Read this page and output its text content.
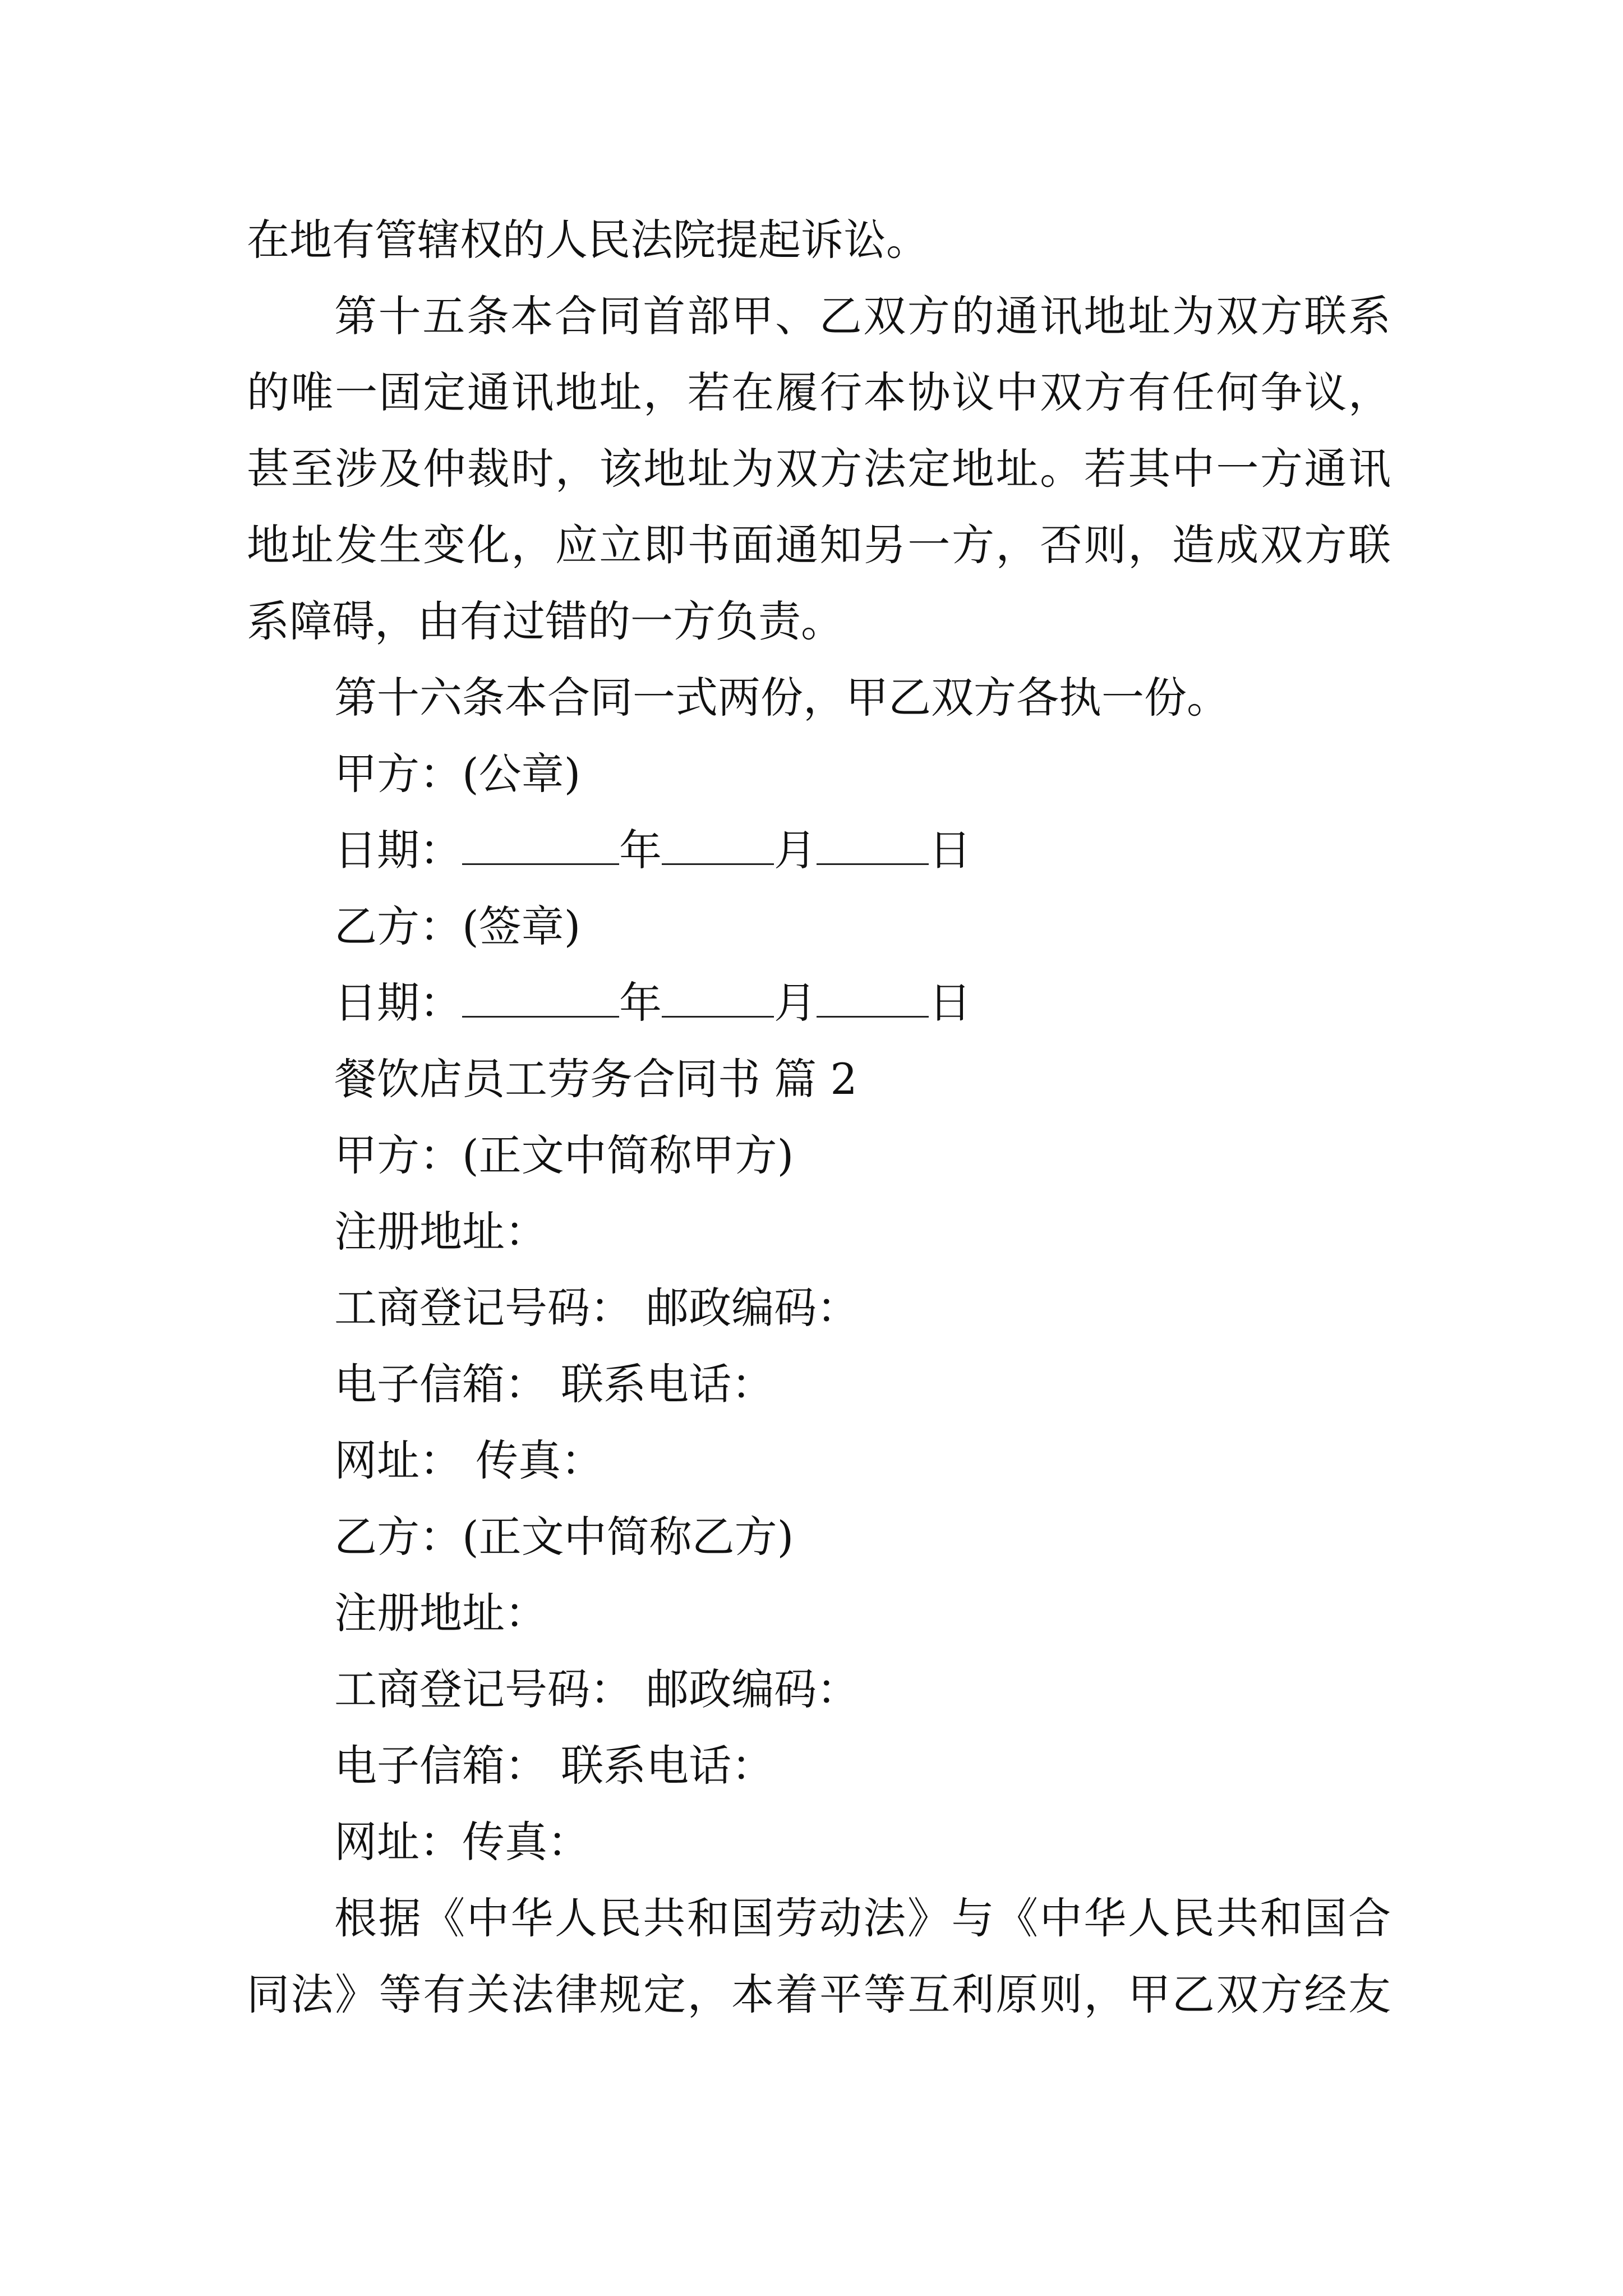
在地有管辖权的人民法院提起诉讼。
第十五条本合同首部甲、乙双方的通讯地址为双方联系
的唯一固定通讯地址，若在履行本协议中双方有任何争议，
甚至涉及仲裁时，该地址为双方法定地址。若其中一方通讯
地址发生变化，应立即书面通知另一方，否则，造成双方联
系障碍，由有过错的一方负责。
第十六条本合同一式两份，甲乙双方各执一份。
甲方：(公章)
日期：	年	月	日
乙方：(签章)
日期：	年	月	日
餐饮店员工劳务合同书 篇 2
甲方：(正文中简称甲方)
注册地址：
工商登记号码： 邮政编码：
电子信箱： 联系电话：
网址： 传真：
乙方：(正文中简称乙方)
注册地址：
工商登记号码： 邮政编码：
电子信箱： 联系电话：
网址：传真：
根据《中华人民共和国劳动法》与《中华人民共和国合
同法》等有关法律规定，本着平等互利原则，甲乙双方经友
